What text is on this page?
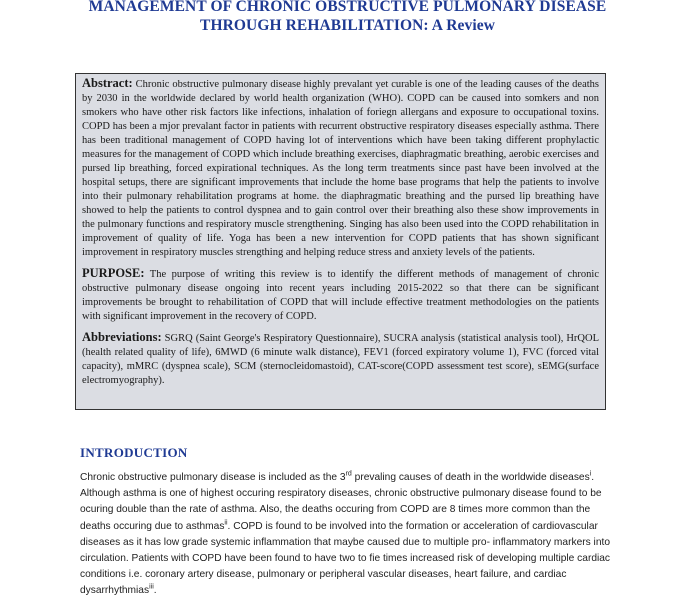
MANAGEMENT OF CHRONIC OBSTRUCTIVE PULMONARY DISEASE
THROUGH REHABILITATION: A Review

Abstract: Chronic obstructive pulmonary disease highly prevalant yet curable is one of the leading causes of the deaths by 2030 in the worldwide declared by world health organization (WHO). COPD can be caused into somkers and non smokers who have other risk factors like infections, inhalation of foriegn allergans and exposure to occupational toxins. COPD has been a mjor prevalant factor in patients with recurrent obstructive respiratory diseases especially asthma. There has been traditional management of COPD having lot of interventions which have been taking different prophylactic measures for the management of COPD which include breathing exercises, diaphragmatic breathing, aerobic exercises and pursed lip breathing, forced expirational techniques. As the long term treatments since past have been involved at the hospital setups, there are significant improvements that include the home base programs that help the patients to involve into their pulmonary rehabilitation programs at home. the diaphragmatic breathing and the pursed lip breathing have showed to help the patients to control dyspnea and to gain control over their breathing also these show improvements in the pulmonary functions and respiratory muscle strengthening. Singing has also been used into the COPD rehabilitation in improvement of quality of life. Yoga has been a new intervention for COPD patients that has shown significant improvement in respiratory muscles strengthing and helping reduce stress and anxiety levels of the patients.

PURPOSE: The purpose of writing this review is to identify the different methods of management of chronic obstructive pulmonary disease ongoing into recent years including 2015-2022 so that there can be significant improvements be brought to rehabilitation of COPD that will include effective treatment methodologies on the patients with significant improvement in the recovery of COPD.

Abbreviations: SGRQ (Saint George's Respiratory Questionnaire), SUCRA analysis (statistical analysis tool), HrQOL (health related quality of life), 6MWD (6 minute walk distance), FEV1 (forced expiratory volume 1), FVC (forced vital capacity), mMRC (dyspnea scale), SCM (sternocleidomastoid), CAT-score(COPD assessment test score), sEMG(surface electromyography).

INTRODUCTION

Chronic obstructive pulmonary disease is included as the 3rd prevaling causes of death in the worldwide diseases$^i$. Although asthma is one of highest occuring respiratory diseases, chronic obstructive pulmonary disease found to be ocuring double than the rate of asthma. Also, the deaths occuring from COPD are 8 times more common than the deaths occuring due to asthmas$^{ii}$. COPD is found to be involved into the formation or acceleration of cardiovascular diseases as it has low grade systemic inflammation that maybe caused due to multiple pro- inflammatory markers into circulation. Patients with COPD have been found to have two to fie times increased risk of developing multiple cardiac conditions i.e. coronary artery disease, pulmonary or peripheral vascular diseases, heart failure, and cardiac dysarrhythmias$^{iii}$.
